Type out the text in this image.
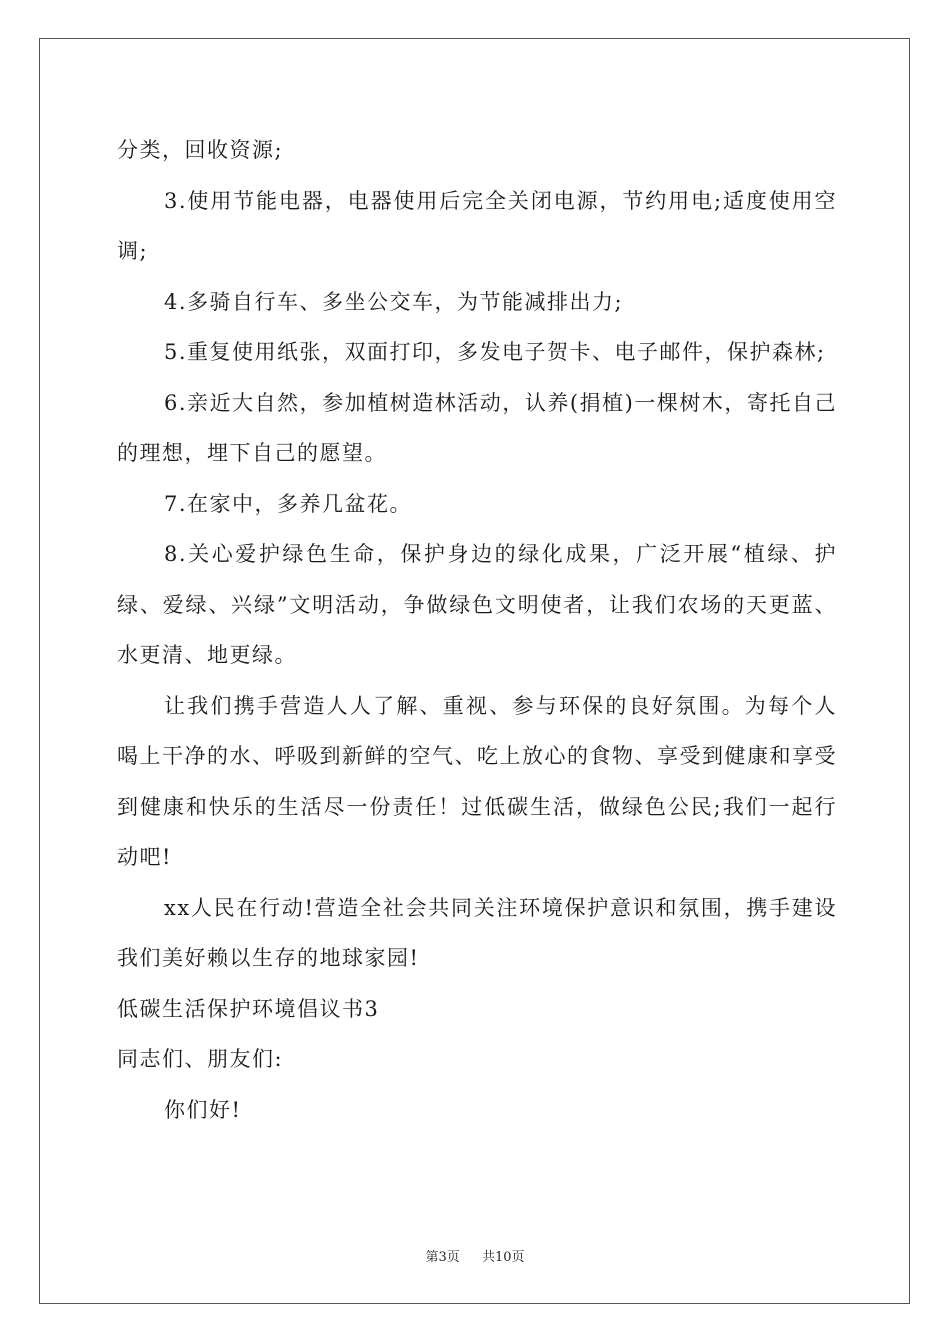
分类，回收资源;

3.使用节能电器，电器使用后完全关闭电源，节约用电;适度使用空调;

4.多骑自行车、多坐公交车，为节能减排出力;

5.重复使用纸张，双面打印，多发电子贺卡、电子邮件，保护森林;

6.亲近大自然，参加植树造林活动，认养(捐植)一棵树木，寄托自己的理想，埋下自己的愿望。

7.在家中，多养几盆花。

8.关心爱护绿色生命，保护身边的绿化成果，广泛开展“植绿、护绿、爱绿、兴绿”文明活动，争做绿色文明使者，让我们农场的天更蓝、水更清、地更绿。

让我们携手营造人人了解、重视、参与环保的良好氛围。为每个人喝上干净的水、呼吸到新鲜的空气、吃上放心的食物、享受到健康和享受到健康和快乐的生活尽一份责任！过低碳生活，做绿色公民;我们一起行动吧!

xx人民在行动!营造全社会共同关注环境保护意识和氛围，携手建设我们美好赖以生存的地球家园!

低碳生活保护环境倡议书3

同志们、朋友们:

你们好!

第3页 共10页
